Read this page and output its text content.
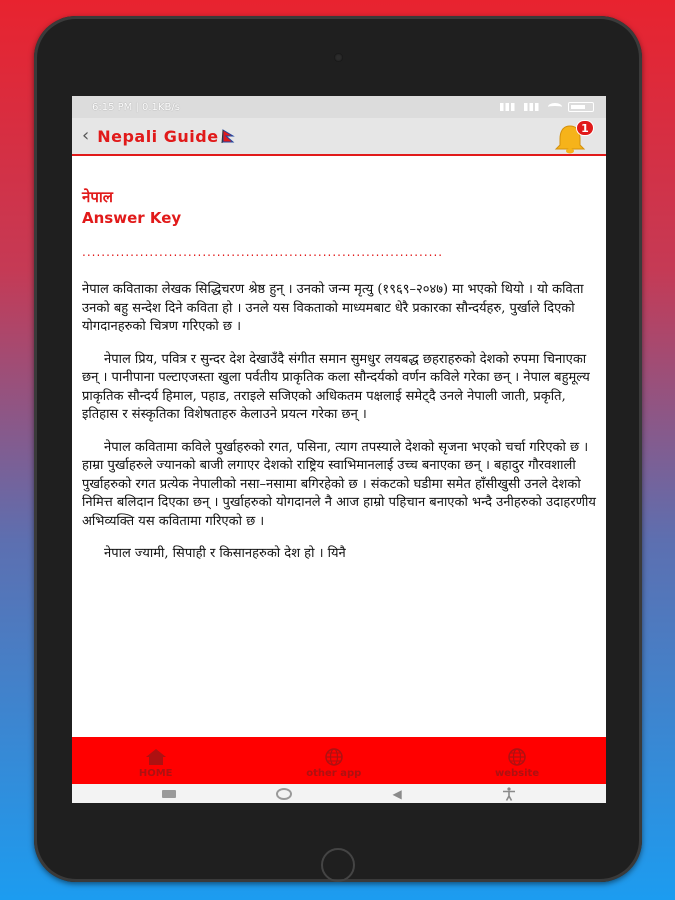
6:15 PM | 0.1KB/s
‹ Nepali Guide	1
नेपाल
Answer Key
...........................................................................

नेपाल कविताका लेखक सिद्धिचरण श्रेष्ठ हुन् । उनको जन्म मृत्यु (१९६९–२०४७) मा भएको थियो । यो कविता उनको बहु सन्देश दिने कविता हो । उनले यस विकताको माध्यमबाट धेरै प्रकारका सौन्दर्यहरु, पुर्खाले दिएको योगदानहरुको चित्रण गरिएको छ ।

नेपाल प्रिय, पवित्र र सुन्दर देश देखाउँदै संगीत समान सुमधुर लयबद्ध छहराहरुको देशको रुपमा चिनाएका छन् । पानीपाना पल्टाएजस्ता खुला पर्वतीय प्राकृतिक कला सौन्दर्यको वर्णन कविले गरेका छन् । नेपाल बहुमूल्य प्राकृतिक सौन्दर्य हिमाल, पहाड, तराइले सजिएको अधिकतम पक्षलाई समेट्दै उनले नेपाली जाती, प्रकृति, इतिहास र संस्कृतिका विशेषताहरु केलाउने प्रयत्न गरेका छन् ।

नेपाल कवितामा कविले पुर्खाहरुको रगत, पसिना, त्याग तपस्याले देशको सृजना भएको चर्चा गरिएको छ । हाम्रा पुर्खाहरुले ज्यानको बाजी लगाएर देशको राष्ट्रिय स्वाभिमानलाई उच्च बनाएका छन् । बहादुर गौरवशाली पुर्खाहरुको रगत प्रत्येक नेपालीको नसा–नसामा बगिरहेको छ । संकटको घडीमा समेत हाँसीखुसी उनले देशको निमित्त बलिदान दिएका छन् । पुर्खाहरुको योगदानले नै आज हाम्रो पहिचान बनाएको भन्दै उनीहरुको उदाहरणीय अभिव्यक्ति यस कवितामा गरिएको छ ।

नेपाल ज्यामी, सिपाही र किसानहरुको देश हो । यिनै

HOME	other app	website
◀
